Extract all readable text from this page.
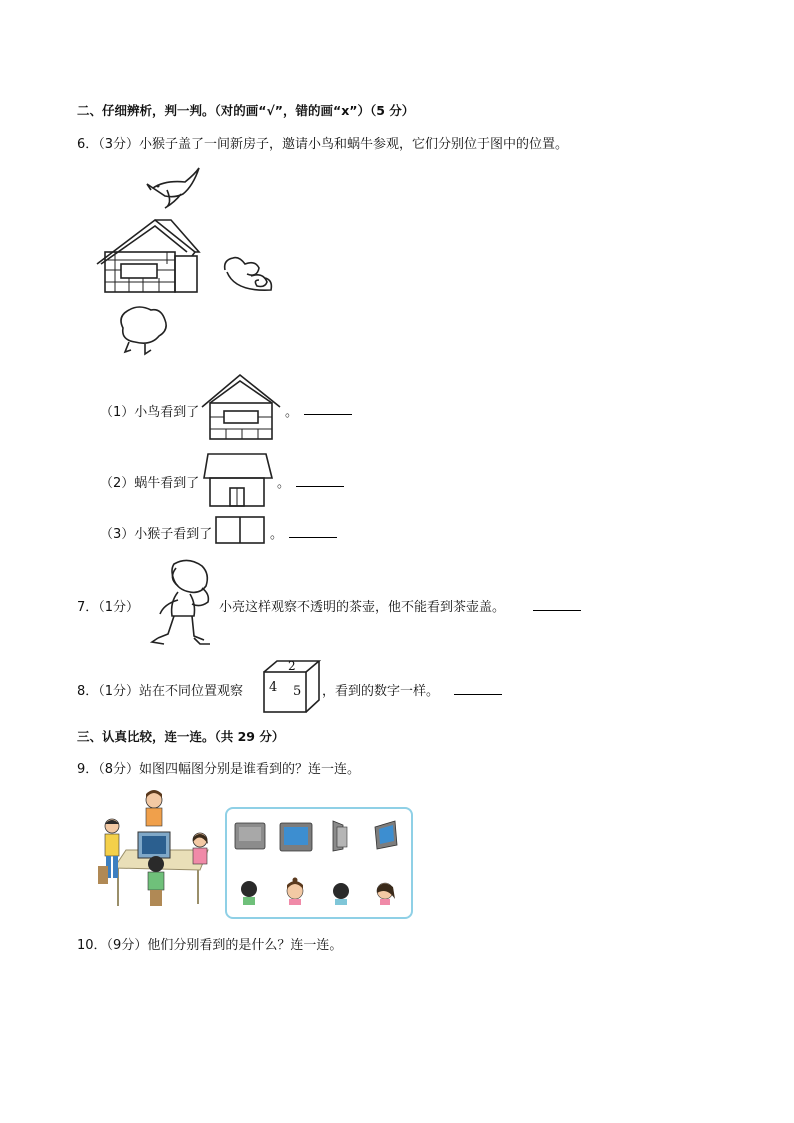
二、仔细辨析，判一判。（对的画“√”，错的画“x”）（5 分）
6．（3分）小猴子盖了一间新房子，邀请小鸟和蜗牛参观，它们分别位于图中的位置。
（1）小鸟看到了	。
（2）蜗牛看到了	。
（3）小猴子看到了	。
7．（1分）	小亮这样观察不透明的茶壶，他不能看到茶壶盖。
8．（1分）站在不同位置观察
2
4 5 ，看到的数字一样。
三、认真比较，连一连。（共 29 分）
9．（8分）如图四幅图分别是谁看到的？连一连。
10．（9分）他们分别看到的是什么？连一连。
